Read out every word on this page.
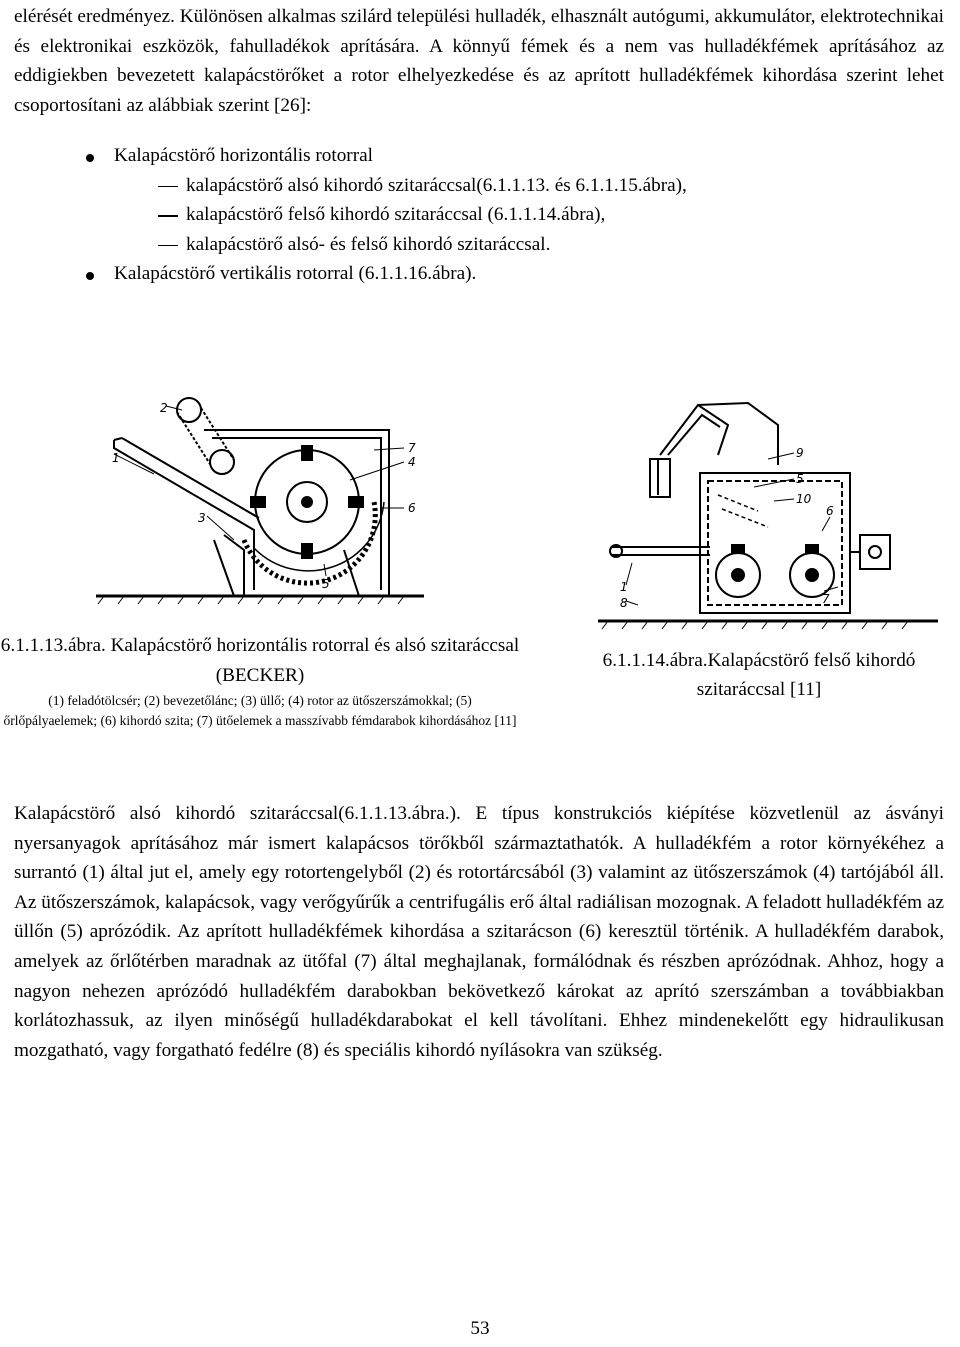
elérését eredményez. Különösen alkalmas szilárd települési hulladék, elhasznált autógumi, akkumulátor, elektrotechnikai és elektronikai eszközök, fahulladékok aprítására. A könnyű fémek és a nem vas hulladékfémek aprításához az eddigiekben bevezetett kalapácstörőket a rotor elhelyezkedése és az aprított hulladékfémek kihordása szerint lehet csoportosítani az alábbiak szerint [26]:

Kalapácstörő horizontális rotorral
kalapácstörő alsó kihordó szitaráccsal(6.1.1.13. és 6.1.1.15.ábra),
kalapácstörő felső kihordó szitaráccsal (6.1.1.14.ábra),
kalapácstörő alsó- és felső kihordó szitaráccsal.
Kalapácstörő vertikális rotorral (6.1.1.16.ábra).
1
2
3
4
5
6
7	9
5
10
6
1
8	7
6.1.1.13.ábra. Kalapácstörő horizontális rotorral és alsó szitaráccsal (BECKER)
(1) feladótölcsér; (2) bevezetőlánc; (3) üllő; (4) rotor az ütőszerszámokkal; (5) őrlőpályaelemek; (6) kihordó szita; (7) ütőelemek a masszívabb fémdarabok kihordásához [11]
6.1.1.14.ábra.Kalapácstörő felső kihordó szitaráccsal [11]

Kalapácstörő alsó kihordó szitaráccsal(6.1.1.13.ábra.). E típus konstrukciós kiépítése közvetlenül az ásványi nyersanyagok aprításához már ismert kalapácsos törőkből származtathatók. A hulladékfém a rotor környékéhez a surrantó (1) által jut el, amely egy rotortengelyből (2) és rotortárcsából (3) valamint az ütőszerszámok (4) tartójából áll. Az ütőszerszámok, kalapácsok, vagy verőgyűrűk a centrifugális erő által radiálisan mozognak. A feladott hulladékfém az üllőn (5) aprózódik. Az aprított hulladékfémek kihordása a szitarácson (6) keresztül történik. A hulladékfém darabok, amelyek az őrlőtérben maradnak az ütőfal (7) által meghajlanak, formálódnak és részben aprózódnak. Ahhoz, hogy a nagyon nehezen aprózódó hulladékfém darabokban bekövetkező károkat az aprító szerszámban a továbbiakban korlátozhassuk, az ilyen minőségű hulladékdarabokat el kell távolítani. Ehhez mindenekelőtt egy hidraulikusan mozgatható, vagy forgatható fedélre (8) és speciális kihordó nyílásokra van szükség.

53
